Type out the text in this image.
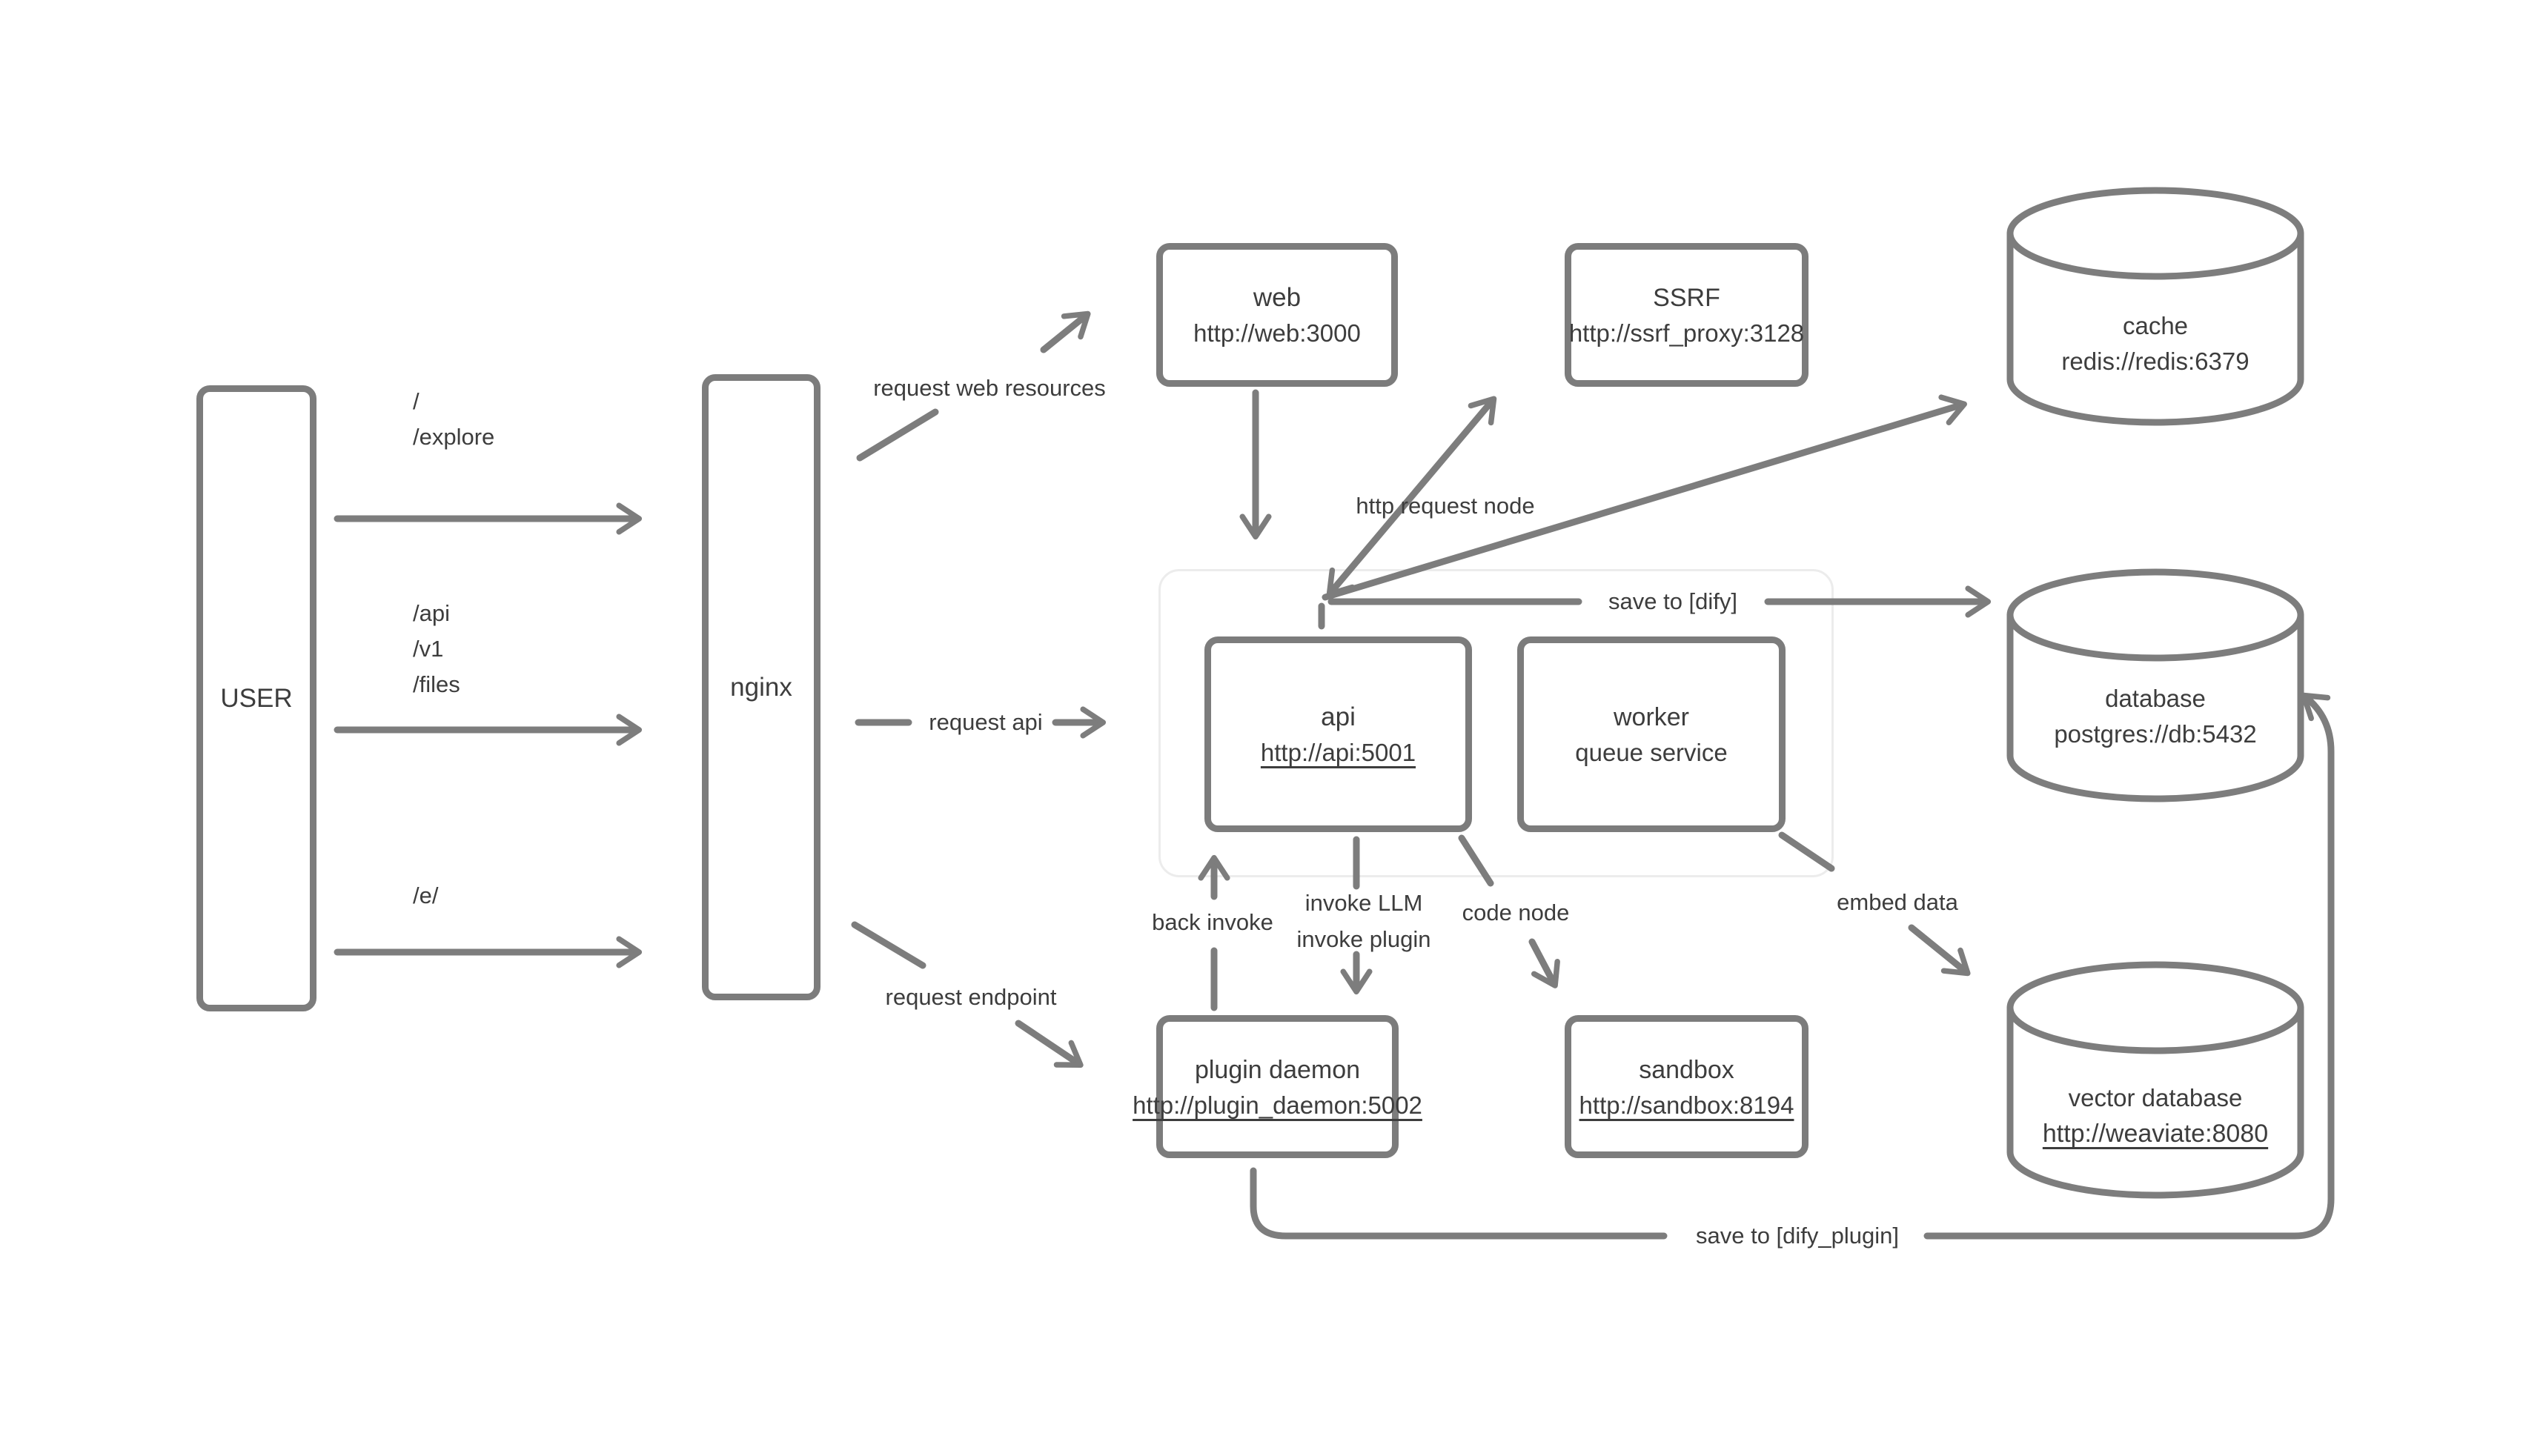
USER	nginx
web
http://web:3000
SSRF
http://ssrf_proxy:3128
api
http://api:5001
worker
queue service
plugin daemon
http://plugin_daemon:5002
sandbox
http://sandbox:8194
cache
redis://redis:6379
database
postgres://db:5432
vector database
http://weaviate:8080
/
/explore
/api
/v1
/files
/e/
request web resources
request api
request endpoint
http request node
save to [dify]
back invoke
invoke LLM
invoke plugin
code node	embed data
save to [dify_plugin]
